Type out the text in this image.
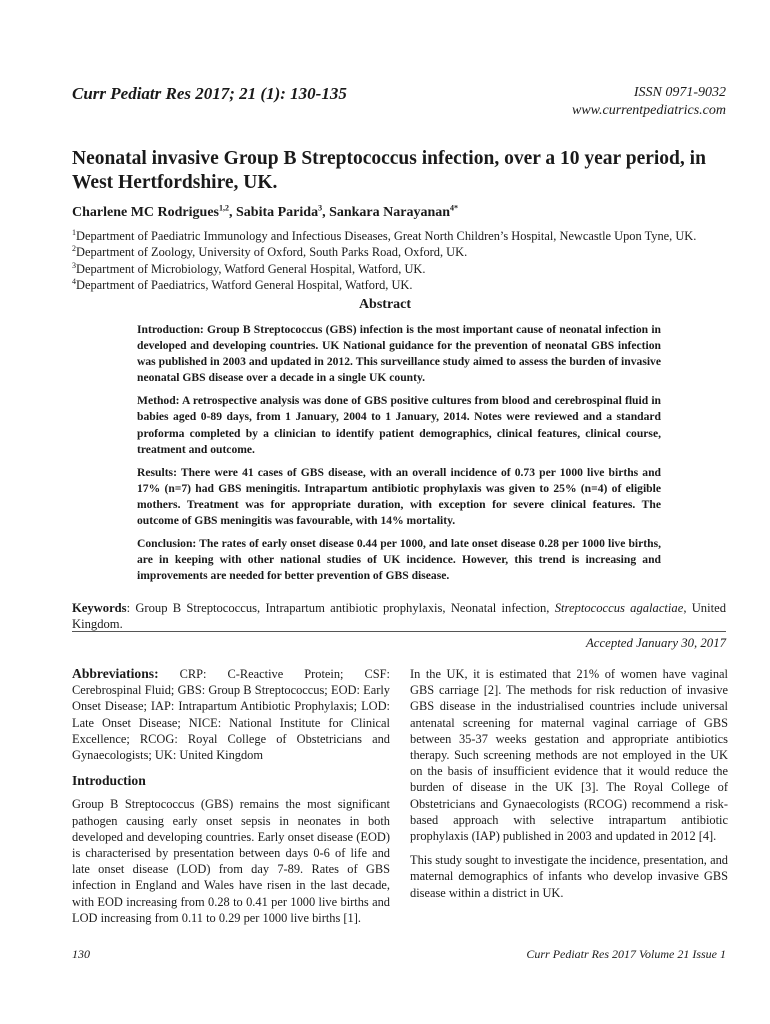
Curr Pediatr Res 2017; 21 (1): 130-135	ISSN 0971-9032
www.currentpediatrics.com
Neonatal invasive Group B Streptococcus infection, over a 10 year period, in West Hertfordshire, UK.
Charlene MC Rodrigues$^{1,2}$, Sabita Parida$^3$, Sankara Narayanan$^{4*}$
$^1$Department of Paediatric Immunology and Infectious Diseases, Great North Children’s Hospital, Newcastle Upon Tyne, UK.
$^2$Department of Zoology, University of Oxford, South Parks Road, Oxford, UK.
$^3$Department of Microbiology, Watford General Hospital, Watford, UK.
$^4$Department of Paediatrics, Watford General Hospital, Watford, UK.
Abstract

Introduction: Group B Streptococcus (GBS) infection is the most important cause of neonatal infection in developed and developing countries. UK National guidance for the prevention of neonatal GBS infection was published in 2003 and updated in 2012. This surveillance study aimed to assess the burden of invasive neonatal GBS disease over a decade in a single UK county.

Method: A retrospective analysis was done of GBS positive cultures from blood and cerebrospinal fluid in babies aged 0-89 days, from 1 January, 2004 to 1 January, 2014. Notes were reviewed and a standard proforma completed by a clinician to identify patient demographics, clinical features, clinical course, treatment and outcome.

Results: There were 41 cases of GBS disease, with an overall incidence of 0.73 per 1000 live births and 17% (n=7) had GBS meningitis. Intrapartum antibiotic prophylaxis was given to 25% (n=4) of eligible mothers. Treatment was for appropriate duration, with exception for severe clinical features. The outcome of GBS meningitis was favourable, with 14% mortality.

Conclusion: The rates of early onset disease 0.44 per 1000, and late onset disease 0.28 per 1000 live births, are in keeping with other national studies of UK incidence. However, this trend is increasing and improvements are needed for better prevention of GBS disease.

Keywords: Group B Streptococcus, Intrapartum antibiotic prophylaxis, Neonatal infection, Streptococcus agalactiae, United Kingdom.
Accepted January 30, 2017

Abbreviations: CRP: C-Reactive Protein; CSF: Cerebrospinal Fluid; GBS: Group B Streptococcus; EOD: Early Onset Disease; IAP: Intrapartum Antibiotic Prophylaxis; LOD: Late Onset Disease; NICE: National Institute for Clinical Excellence; RCOG: Royal College of Obstetricians and Gynaecologists; UK: United Kingdom

Introduction

Group B Streptococcus (GBS) remains the most significant pathogen causing early onset sepsis in neonates in both developed and developing countries. Early onset disease (EOD) is characterised by presentation between days 0-6 of life and late onset disease (LOD) from day 7-89. Rates of GBS infection in England and Wales have risen in the last decade, with EOD increasing from 0.28 to 0.41 per 1000 live births and LOD increasing from 0.11 to 0.29 per 1000 live births [1].

In the UK, it is estimated that 21% of women have vaginal GBS carriage [2]. The methods for risk reduction of invasive GBS disease in the industrialised countries include universal antenatal screening for maternal vaginal carriage of GBS between 35-37 weeks gestation and appropriate antibiotics therapy. Such screening methods are not employed in the UK on the basis of insufficient evidence that it would reduce the burden of disease in the UK [3]. The Royal College of Obstetricians and Gynaecologists (RCOG) recommend a risk-based approach with selective intrapartum antibiotic prophylaxis (IAP) published in 2003 and updated in 2012 [4].

This study sought to investigate the incidence, presentation, and maternal demographics of infants who develop invasive GBS disease within a district in UK.

130	Curr Pediatr Res 2017 Volume 21 Issue 1
